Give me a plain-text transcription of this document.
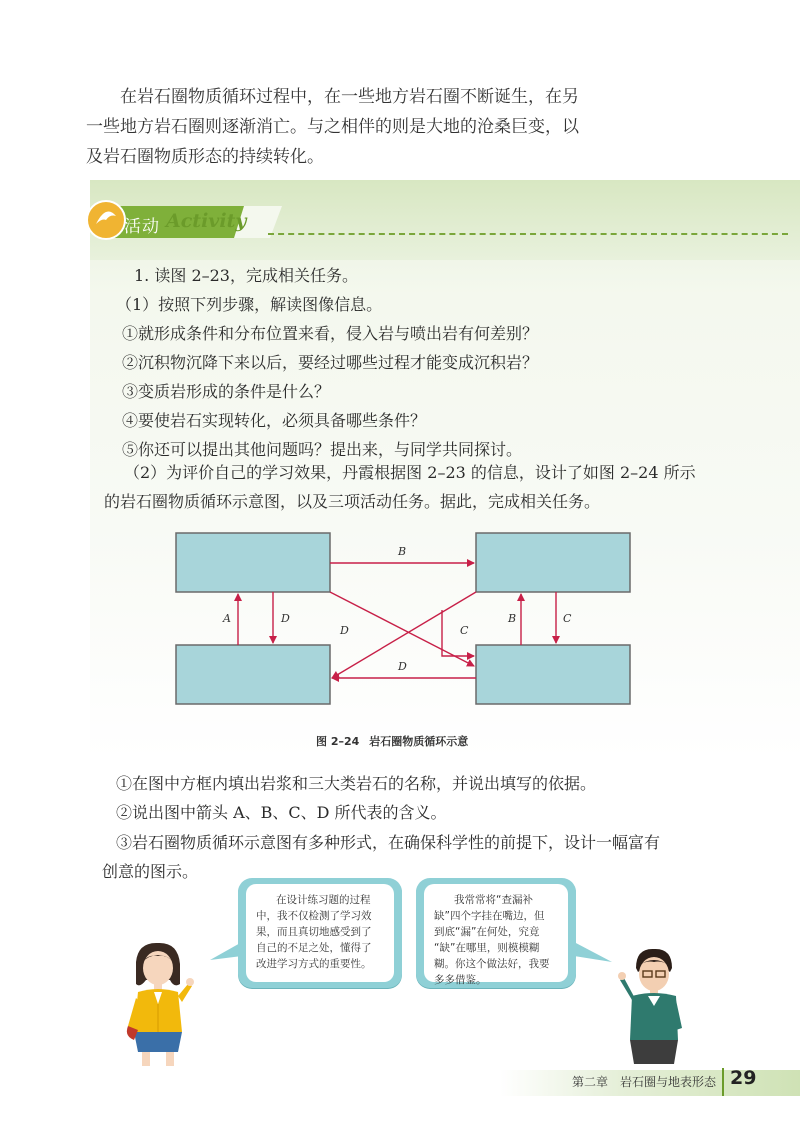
在岩石圈物质循环过程中，在一些地方岩石圈不断诞生，在另

一些地方岩石圈则逐渐消亡。与之相伴的则是大地的沧桑巨变，以

及岩石圈物质形态的持续转化。

活动 Activity
1. 读图 2–23，完成相关任务。
（1）按照下列步骤，解读图像信息。
①就形成条件和分布位置来看，侵入岩与喷出岩有何差别？
②沉积物沉降下来以后，要经过哪些过程才能变成沉积岩？
③变质岩形成的条件是什么？
④要使岩石实现转化，必须具备哪些条件？
⑤你还可以提出其他问题吗？提出来，与同学共同探讨。

（2）为评价自己的学习效果，丹霞根据图 2–23 的信息，设计了如图 2–24 所示

的岩石圈物质循环示意图，以及三项活动任务。据此，完成相关任务。

B
A	D
D	C
B	C
D
图 2–24 岩石圈物质循环示意
①在图中方框内填出岩浆和三大类岩石的名称，并说出填写的依据。
②说出图中箭头 A、B、C、D 所代表的含义。

③岩石圈物质循环示意图有多种形式，在确保科学性的前提下，设计一幅富有

创意的图示。

在设计练习题的过程
中，我不仅检测了学习效
果，而且真切地感受到了
自己的不足之处，懂得了
改进学习方式的重要性。
我常常将“查漏补
缺”四个字挂在嘴边，但
到底“漏”在何处，究竟
“缺”在哪里，则模模糊
糊。你这个做法好，我要
多多借鉴。
第二章　岩石圈与地表形态 29
